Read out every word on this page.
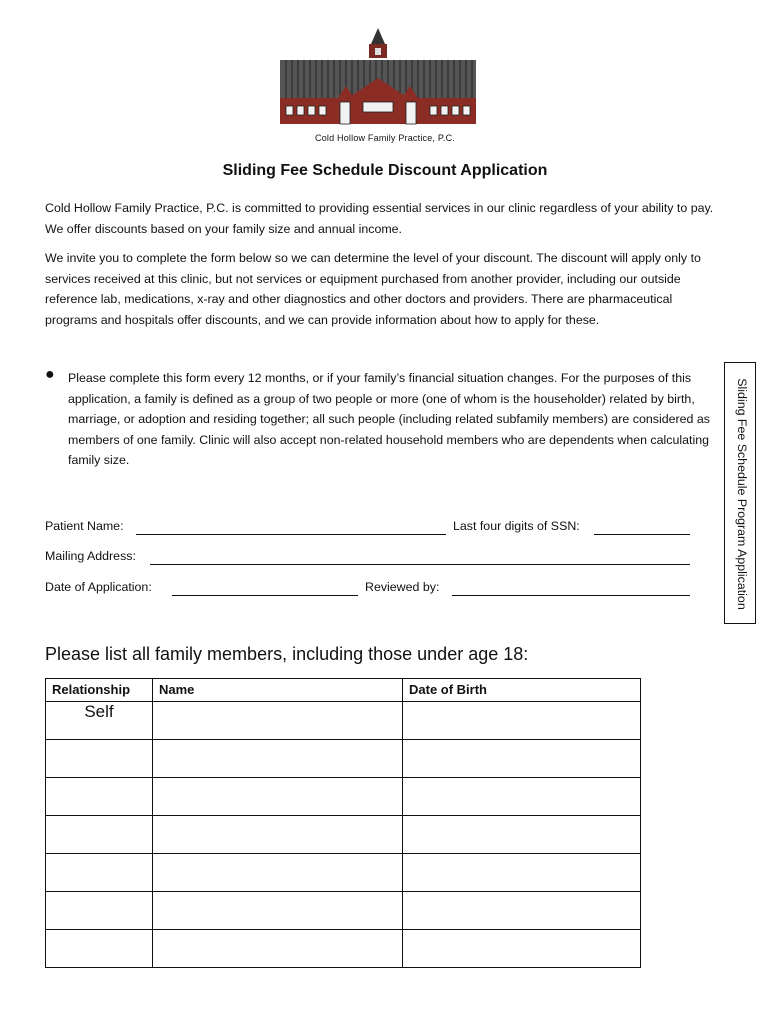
Cold Hollow Family Practice, P.C.
Sliding Fee Schedule Discount Application
Cold Hollow Family Practice, P.C. is committed to providing essential services in our clinic regardless of your ability to pay. We offer discounts based on your family size and annual income.
We invite you to complete the form below so we can determine the level of your discount. The discount will apply only to services received at this clinic, but not services or equipment purchased from another provider, including our outside reference lab, medications, x-ray and other diagnostics and other doctors and providers. There are pharmaceutical programs and hospitals offer discounts, and we can provide information about how to apply for these.
● Please complete this form every 12 months, or if your family’s financial situation changes. For the purposes of this application, a family is defined as a group of two people or more (one of whom is the householder) related by birth, marriage, or adoption and residing together; all such people (including related subfamily members) are considered as members of one family. Clinic will also accept non-related household members who are dependents when calculating family size.	Sliding Fee Schedule Program Application
Patient Name:	Last four digits of SSN:
Mailing Address:
Date of Application:	Reviewed by:
Please list all family members, including those under age 18:
Relationship	Name	Date of Birth
Self		
